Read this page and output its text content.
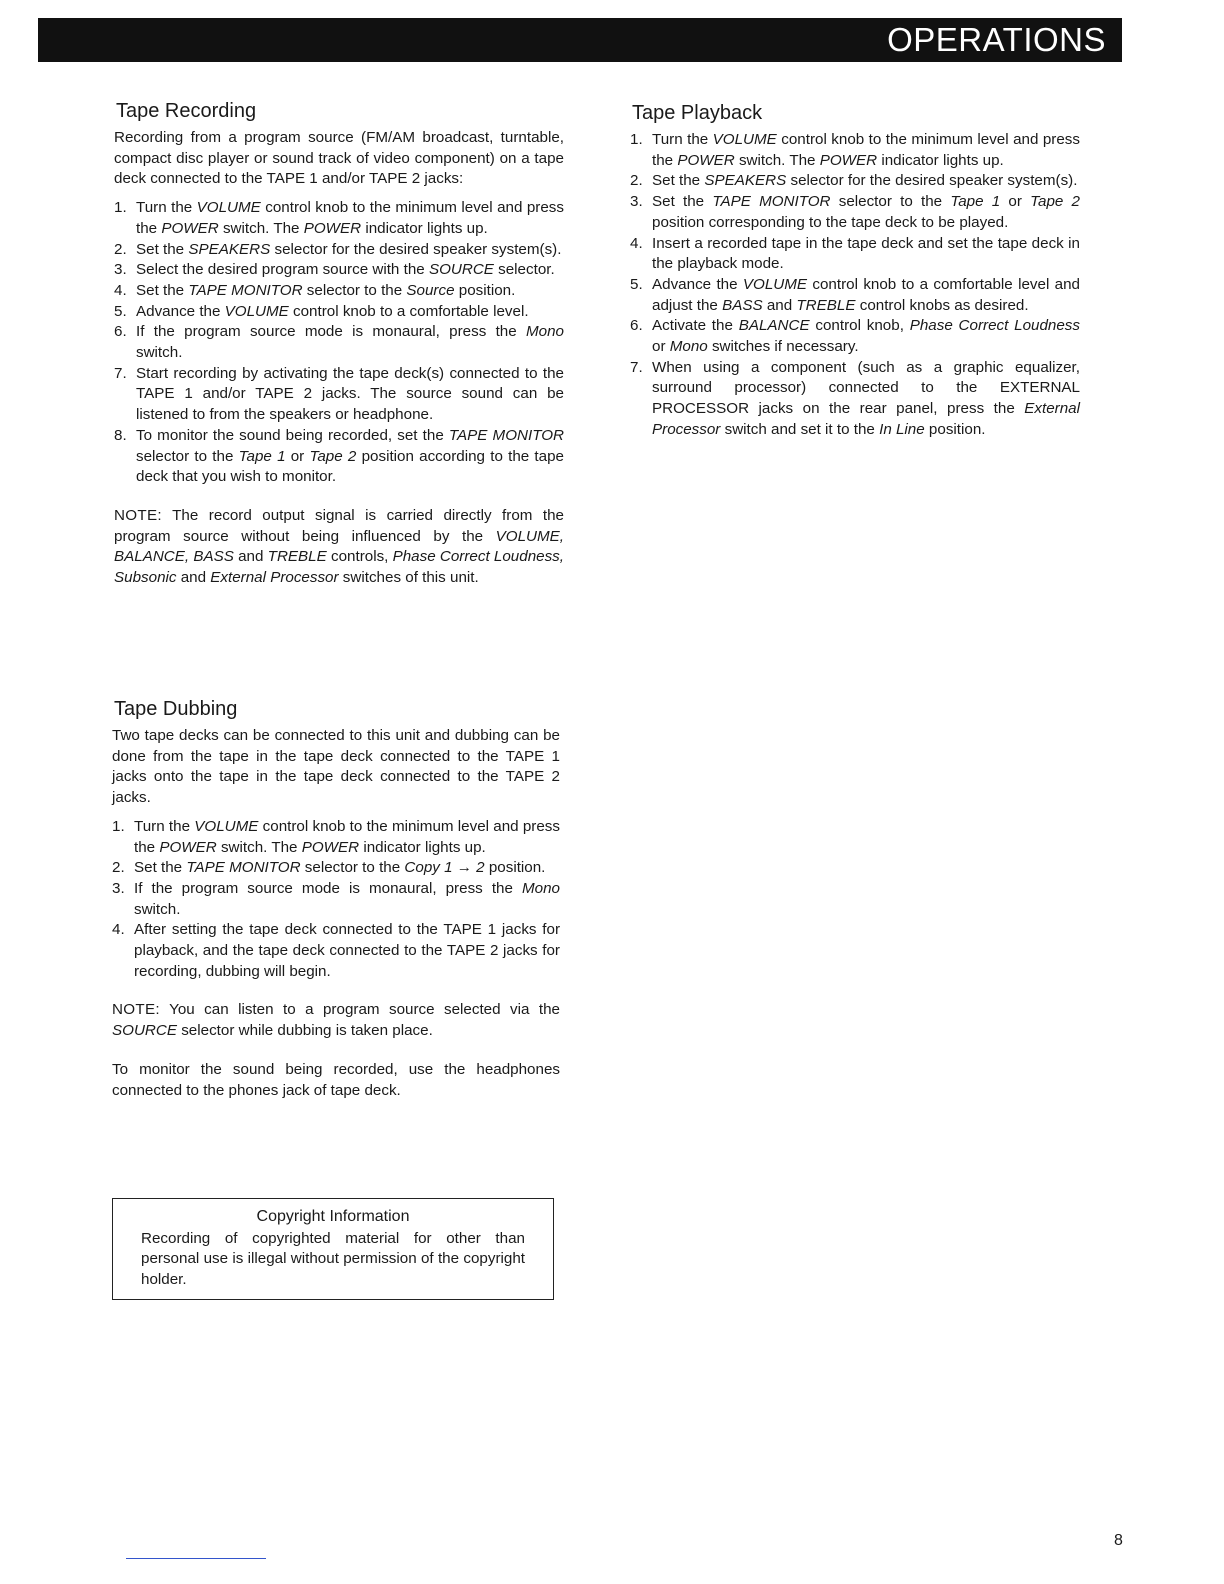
OPERATIONS
Tape Recording

Recording from a program source (FM/AM broadcast, turntable, compact disc player or sound track of video component) on a tape deck connected to the TAPE 1 and/or TAPE 2 jacks:

1. Turn the VOLUME control knob to the minimum level and press the POWER switch. The POWER indicator lights up.
2. Set the SPEAKERS selector for the desired speaker system(s).
3. Select the desired program source with the SOURCE selector.
4. Set the TAPE MONITOR selector to the Source position.
5. Advance the VOLUME control knob to a comfortable level.
6. If the program source mode is monaural, press the Mono switch.
7. Start recording by activating the tape deck(s) connected to the TAPE 1 and/or TAPE 2 jacks. The source sound can be listened to from the speakers or headphone.
8. To monitor the sound being recorded, set the TAPE MONITOR selector to the Tape 1 or Tape 2 position according to the tape deck that you wish to monitor.

NOTE: The record output signal is carried directly from the program source without being influenced by the VOLUME, BALANCE, BASS and TREBLE controls, Phase Correct Loudness, Subsonic and External Processor switches of this unit.

Tape Dubbing

Two tape decks can be connected to this unit and dubbing can be done from the tape in the tape deck connected to the TAPE 1 jacks onto the tape in the tape deck connected to the TAPE 2 jacks.

1. Turn the VOLUME control knob to the minimum level and press the POWER switch. The POWER indicator lights up.
2. Set the TAPE MONITOR selector to the Copy 1 → 2 position.
3. If the program source mode is monaural, press the Mono switch.
4. After setting the tape deck connected to the TAPE 1 jacks for playback, and the tape deck connected to the TAPE 2 jacks for recording, dubbing will begin.

NOTE: You can listen to a program source selected via the SOURCE selector while dubbing is taken place.

To monitor the sound being recorded, use the headphones connected to the phones jack of tape deck.

Tape Playback
1. Turn the VOLUME control knob to the minimum level and press the POWER switch. The POWER indicator lights up.
2. Set the SPEAKERS selector for the desired speaker system(s).
3. Set the TAPE MONITOR selector to the Tape 1 or Tape 2 position corresponding to the tape deck to be played.
4. Insert a recorded tape in the tape deck and set the tape deck in the playback mode.
5. Advance the VOLUME control knob to a comfortable level and adjust the BASS and TREBLE control knobs as desired.
6. Activate the BALANCE control knob, Phase Correct Loudness or Mono switches if necessary.
7. When using a component (such as a graphic equalizer, surround processor) connected to the EXTERNAL PROCESSOR jacks on the rear panel, press the External Processor switch and set it to the In Line position.
Copyright Information

Recording of copyrighted material for other than personal use is illegal without permission of the copyright holder.

8
